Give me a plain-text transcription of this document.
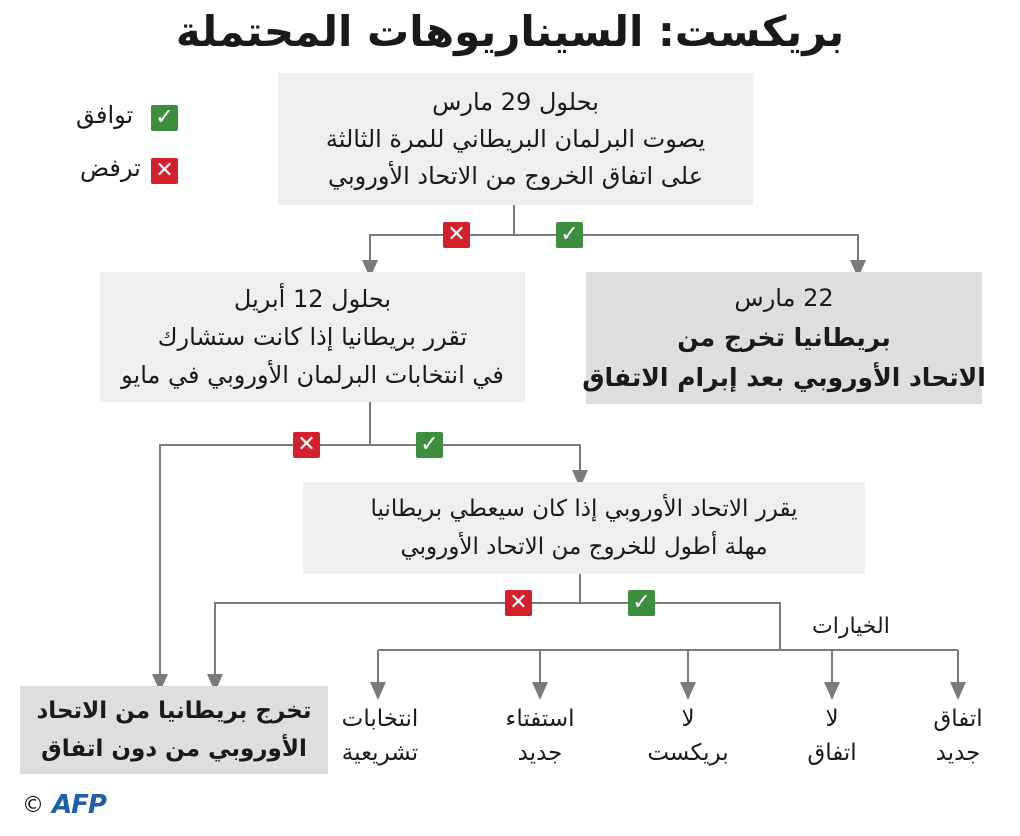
بريكست: السيناريوهات المحتملة
✓
توافق
✕
ترفض
بحلول 29 مارس
يصوت البرلمان البريطاني للمرة الثالثة
على اتفاق الخروج من الاتحاد الأوروبي
✕	✓
بحلول 12 أبريل
تقرر بريطانيا إذا كانت ستشارك
في انتخابات البرلمان الأوروبي في مايو
22 مارس
بريطانيا تخرج من
الاتحاد الأوروبي بعد إبرام الاتفاق
✕	✓
يقرر الاتحاد الأوروبي إذا كان سيعطي بريطانيا
مهلة أطول للخروج من الاتحاد الأوروبي
✕	✓
الخيارات
تخرج بريطانيا من الاتحاد
الأوروبي من دون اتفاق
اتفاق
جديد
لا
اتفاق
لا
بريكست
استفتاء
جديد
انتخابات
تشريعية
© AFP
